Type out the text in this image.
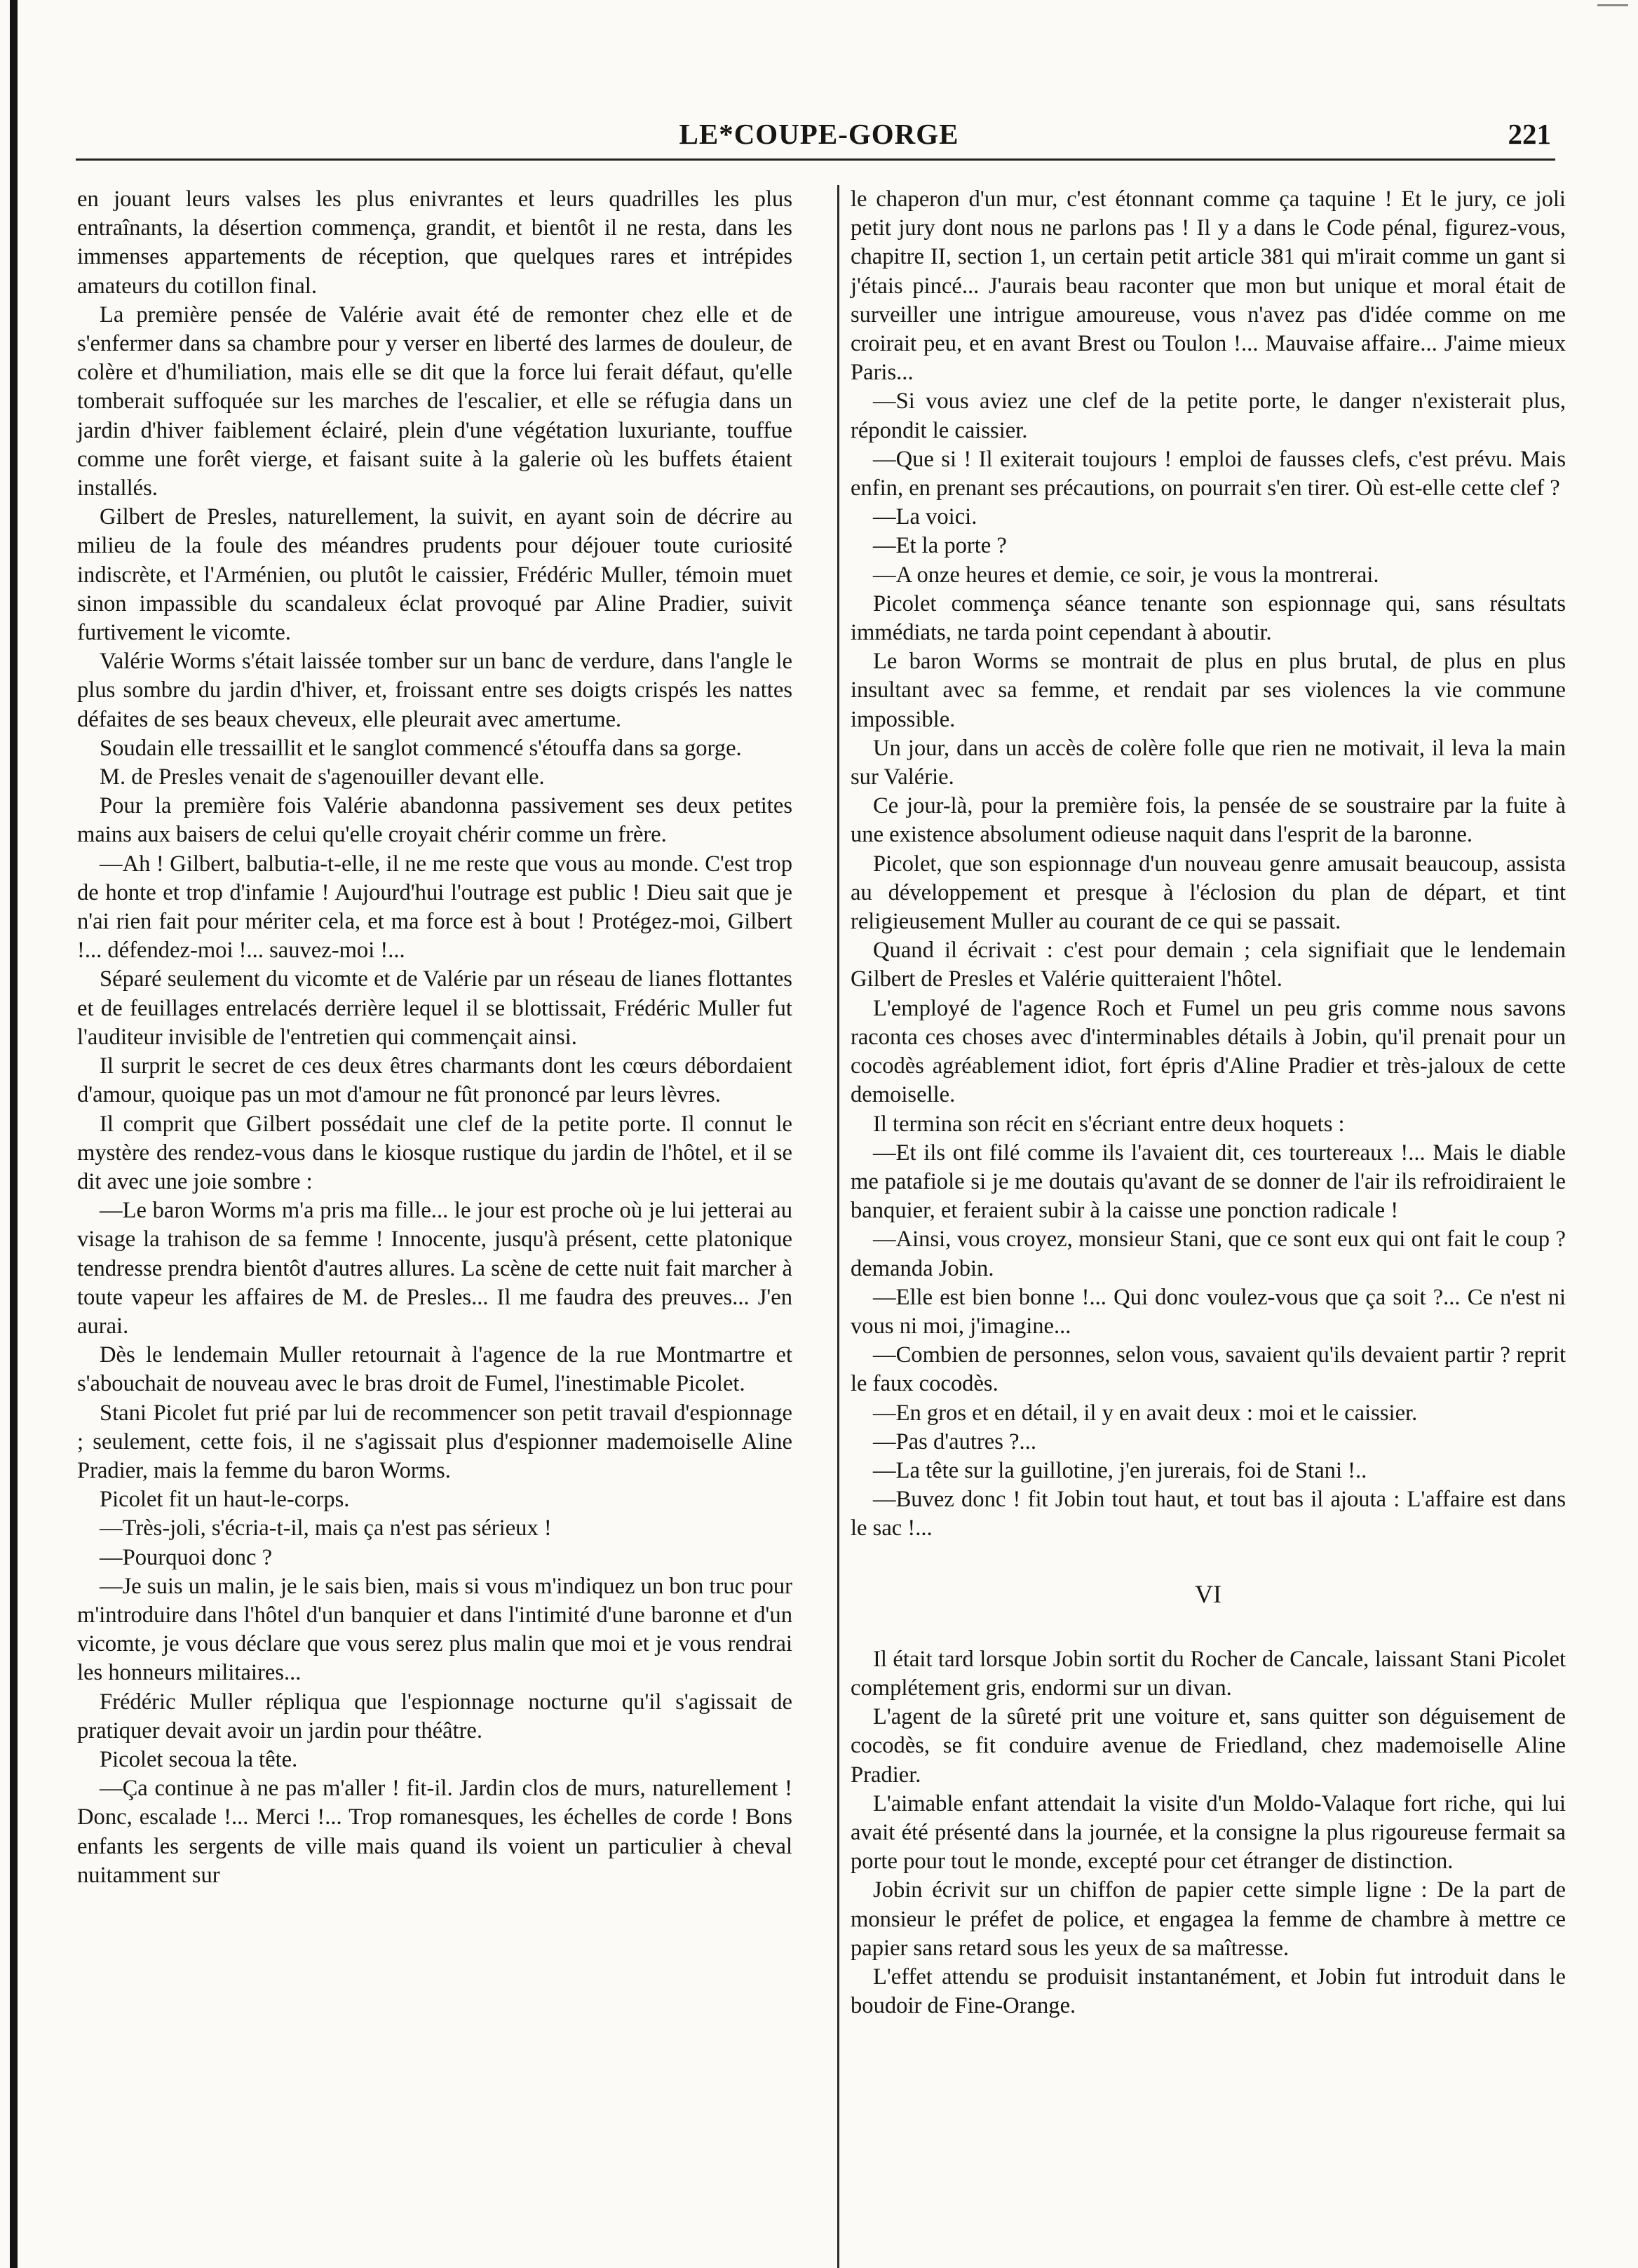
LE*COUPE-GORGE	221

en jouant leurs valses les plus enivrantes et leurs quadrilles les plus entraînants, la désertion commença, grandit, et bientôt il ne resta, dans les immenses appartements de réception, que quelques rares et intrépides amateurs du cotillon final.

La première pensée de Valérie avait été de remonter chez elle et de s'enfermer dans sa chambre pour y verser en liberté des larmes de douleur, de colère et d'humiliation, mais elle se dit que la force lui ferait défaut, qu'elle tomberait suffoquée sur les marches de l'escalier, et elle se réfugia dans un jardin d'hiver faiblement éclairé, plein d'une végétation luxuriante, touffue comme une forêt vierge, et faisant suite à la galerie où les buffets étaient installés.

Gilbert de Presles, naturellement, la suivit, en ayant soin de décrire au milieu de la foule des méandres prudents pour déjouer toute curiosité indiscrète, et l'Arménien, ou plutôt le caissier, Frédéric Muller, témoin muet sinon impassible du scandaleux éclat provoqué par Aline Pradier, suivit furtivement le vicomte.

Valérie Worms s'était laissée tomber sur un banc de verdure, dans l'angle le plus sombre du jardin d'hiver, et, froissant entre ses doigts crispés les nattes défaites de ses beaux cheveux, elle pleurait avec amertume.

Soudain elle tressaillit et le sanglot commencé s'étouffa dans sa gorge.

M. de Presles venait de s'agenouiller devant elle.

Pour la première fois Valérie abandonna passivement ses deux petites mains aux baisers de celui qu'elle croyait chérir comme un frère.

—Ah ! Gilbert, balbutia-t-elle, il ne me reste que vous au monde. C'est trop de honte et trop d'infamie ! Aujourd'hui l'outrage est public ! Dieu sait que je n'ai rien fait pour mériter cela, et ma force est à bout ! Protégez-moi, Gilbert !... défendez-moi !... sauvez-moi !...

Séparé seulement du vicomte et de Valérie par un réseau de lianes flottantes et de feuillages entrelacés derrière lequel il se blottissait, Frédéric Muller fut l'auditeur invisible de l'entretien qui commençait ainsi.

Il surprit le secret de ces deux êtres charmants dont les cœurs débordaient d'amour, quoique pas un mot d'amour ne fût prononcé par leurs lèvres.

Il comprit que Gilbert possédait une clef de la petite porte. Il connut le mystère des rendez-vous dans le kiosque rustique du jardin de l'hôtel, et il se dit avec une joie sombre :

—Le baron Worms m'a pris ma fille... le jour est proche où je lui jetterai au visage la trahison de sa femme ! Innocente, jusqu'à présent, cette platonique tendresse prendra bientôt d'autres allures. La scène de cette nuit fait marcher à toute vapeur les affaires de M. de Presles... Il me faudra des preuves... J'en aurai.

Dès le lendemain Muller retournait à l'agence de la rue Montmartre et s'abouchait de nouveau avec le bras droit de Fumel, l'inestimable Picolet.

Stani Picolet fut prié par lui de recommencer son petit travail d'espionnage ; seulement, cette fois, il ne s'agissait plus d'espionner mademoiselle Aline Pradier, mais la femme du baron Worms.

Picolet fit un haut-le-corps.

—Très-joli, s'écria-t-il, mais ça n'est pas sérieux !

—Pourquoi donc ?

—Je suis un malin, je le sais bien, mais si vous m'indiquez un bon truc pour m'introduire dans l'hôtel d'un banquier et dans l'intimité d'une baronne et d'un vicomte, je vous déclare que vous serez plus malin que moi et je vous rendrai les honneurs militaires...

Frédéric Muller répliqua que l'espionnage nocturne qu'il s'agissait de pratiquer devait avoir un jardin pour théâtre.

Picolet secoua la tête.

—Ça continue à ne pas m'aller ! fit-il. Jardin clos de murs, naturellement ! Donc, escalade !... Merci !... Trop romanesques, les échelles de corde ! Bons enfants les sergents de ville mais quand ils voient un particulier à cheval nuitamment sur

le chaperon d'un mur, c'est étonnant comme ça taquine ! Et le jury, ce joli petit jury dont nous ne parlons pas ! Il y a dans le Code pénal, figurez-vous, chapitre II, section 1, un certain petit article 381 qui m'irait comme un gant si j'étais pincé... J'aurais beau raconter que mon but unique et moral était de surveiller une intrigue amoureuse, vous n'avez pas d'idée comme on me croirait peu, et en avant Brest ou Toulon !... Mauvaise affaire... J'aime mieux Paris...

—Si vous aviez une clef de la petite porte, le danger n'existerait plus, répondit le caissier.

—Que si ! Il exiterait toujours ! emploi de fausses clefs, c'est prévu. Mais enfin, en prenant ses précautions, on pourrait s'en tirer. Où est-elle cette clef ?

—La voici.

—Et la porte ?

—A onze heures et demie, ce soir, je vous la montrerai.

Picolet commença séance tenante son espionnage qui, sans résultats immédiats, ne tarda point cependant à aboutir.

Le baron Worms se montrait de plus en plus brutal, de plus en plus insultant avec sa femme, et rendait par ses violences la vie commune impossible.

Un jour, dans un accès de colère folle que rien ne motivait, il leva la main sur Valérie.

Ce jour-là, pour la première fois, la pensée de se soustraire par la fuite à une existence absolument odieuse naquit dans l'esprit de la baronne.

Picolet, que son espionnage d'un nouveau genre amusait beaucoup, assista au développement et presque à l'éclosion du plan de départ, et tint religieusement Muller au courant de ce qui se passait.

Quand il écrivait : c'est pour demain ; cela signifiait que le lendemain Gilbert de Presles et Valérie quitteraient l'hôtel.

L'employé de l'agence Roch et Fumel un peu gris comme nous savons raconta ces choses avec d'interminables détails à Jobin, qu'il prenait pour un cocodès agréablement idiot, fort épris d'Aline Pradier et très-jaloux de cette demoiselle.

Il termina son récit en s'écriant entre deux hoquets :

—Et ils ont filé comme ils l'avaient dit, ces tourtereaux !... Mais le diable me patafiole si je me doutais qu'avant de se donner de l'air ils refroidiraient le banquier, et feraient subir à la caisse une ponction radicale !

—Ainsi, vous croyez, monsieur Stani, que ce sont eux qui ont fait le coup ? demanda Jobin.

—Elle est bien bonne !... Qui donc voulez-vous que ça soit ?... Ce n'est ni vous ni moi, j'imagine...

—Combien de personnes, selon vous, savaient qu'ils devaient partir ? reprit le faux cocodès.

—En gros et en détail, il y en avait deux : moi et le caissier.

—Pas d'autres ?...

—La tête sur la guillotine, j'en jurerais, foi de Stani !..

—Buvez donc ! fit Jobin tout haut, et tout bas il ajouta : L'affaire est dans le sac !...

VI

Il était tard lorsque Jobin sortit du Rocher de Cancale, laissant Stani Picolet complétement gris, endormi sur un divan.

L'agent de la sûreté prit une voiture et, sans quitter son déguisement de cocodès, se fit conduire avenue de Friedland, chez mademoiselle Aline Pradier.

L'aimable enfant attendait la visite d'un Moldo-Valaque fort riche, qui lui avait été présenté dans la journée, et la consigne la plus rigoureuse fermait sa porte pour tout le monde, excepté pour cet étranger de distinction.

Jobin écrivit sur un chiffon de papier cette simple ligne : De la part de monsieur le préfet de police, et engagea la femme de chambre à mettre ce papier sans retard sous les yeux de sa maîtresse.

L'effet attendu se produisit instantanément, et Jobin fut introduit dans le boudoir de Fine-Orange.
